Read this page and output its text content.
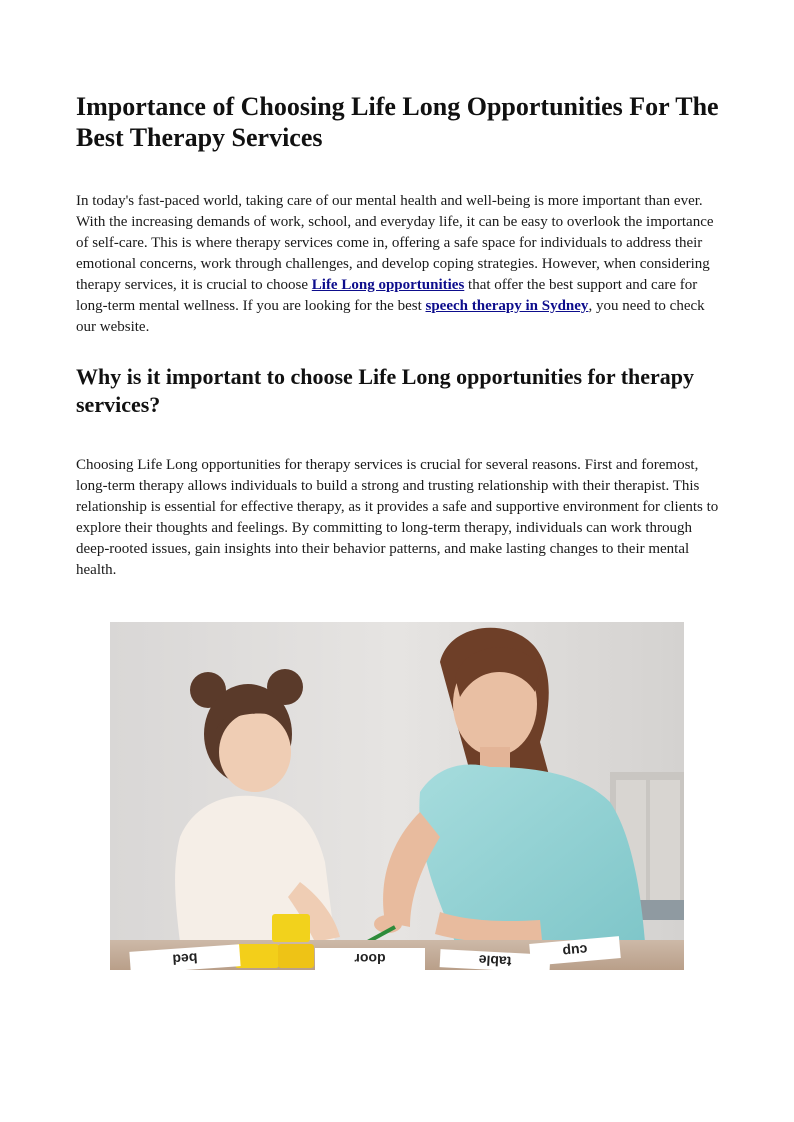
Importance of Choosing Life Long Opportunities For The Best Therapy Services

In today's fast-paced world, taking care of our mental health and well-being is more important than ever. With the increasing demands of work, school, and everyday life, it can be easy to overlook the importance of self-care. This is where therapy services come in, offering a safe space for individuals to address their emotional concerns, work through challenges, and develop coping strategies. However, when considering therapy services, it is crucial to choose Life Long opportunities that offer the best support and care for long-term mental wellness. If you are looking for the best speech therapy in Sydney, you need to check our website.

Why is it important to choose Life Long opportunities for therapy services?

Choosing Life Long opportunities for therapy services is crucial for several reasons. First and foremost, long-term therapy allows individuals to build a strong and trusting relationship with their therapist. This relationship is essential for effective therapy, as it provides a safe and supportive environment for clients to explore their thoughts and feelings. By committing to long-term therapy, individuals can work through deep-rooted issues, gain insights into their behavior patterns, and make lasting changes to their mental health.

bed	door	table
cup
